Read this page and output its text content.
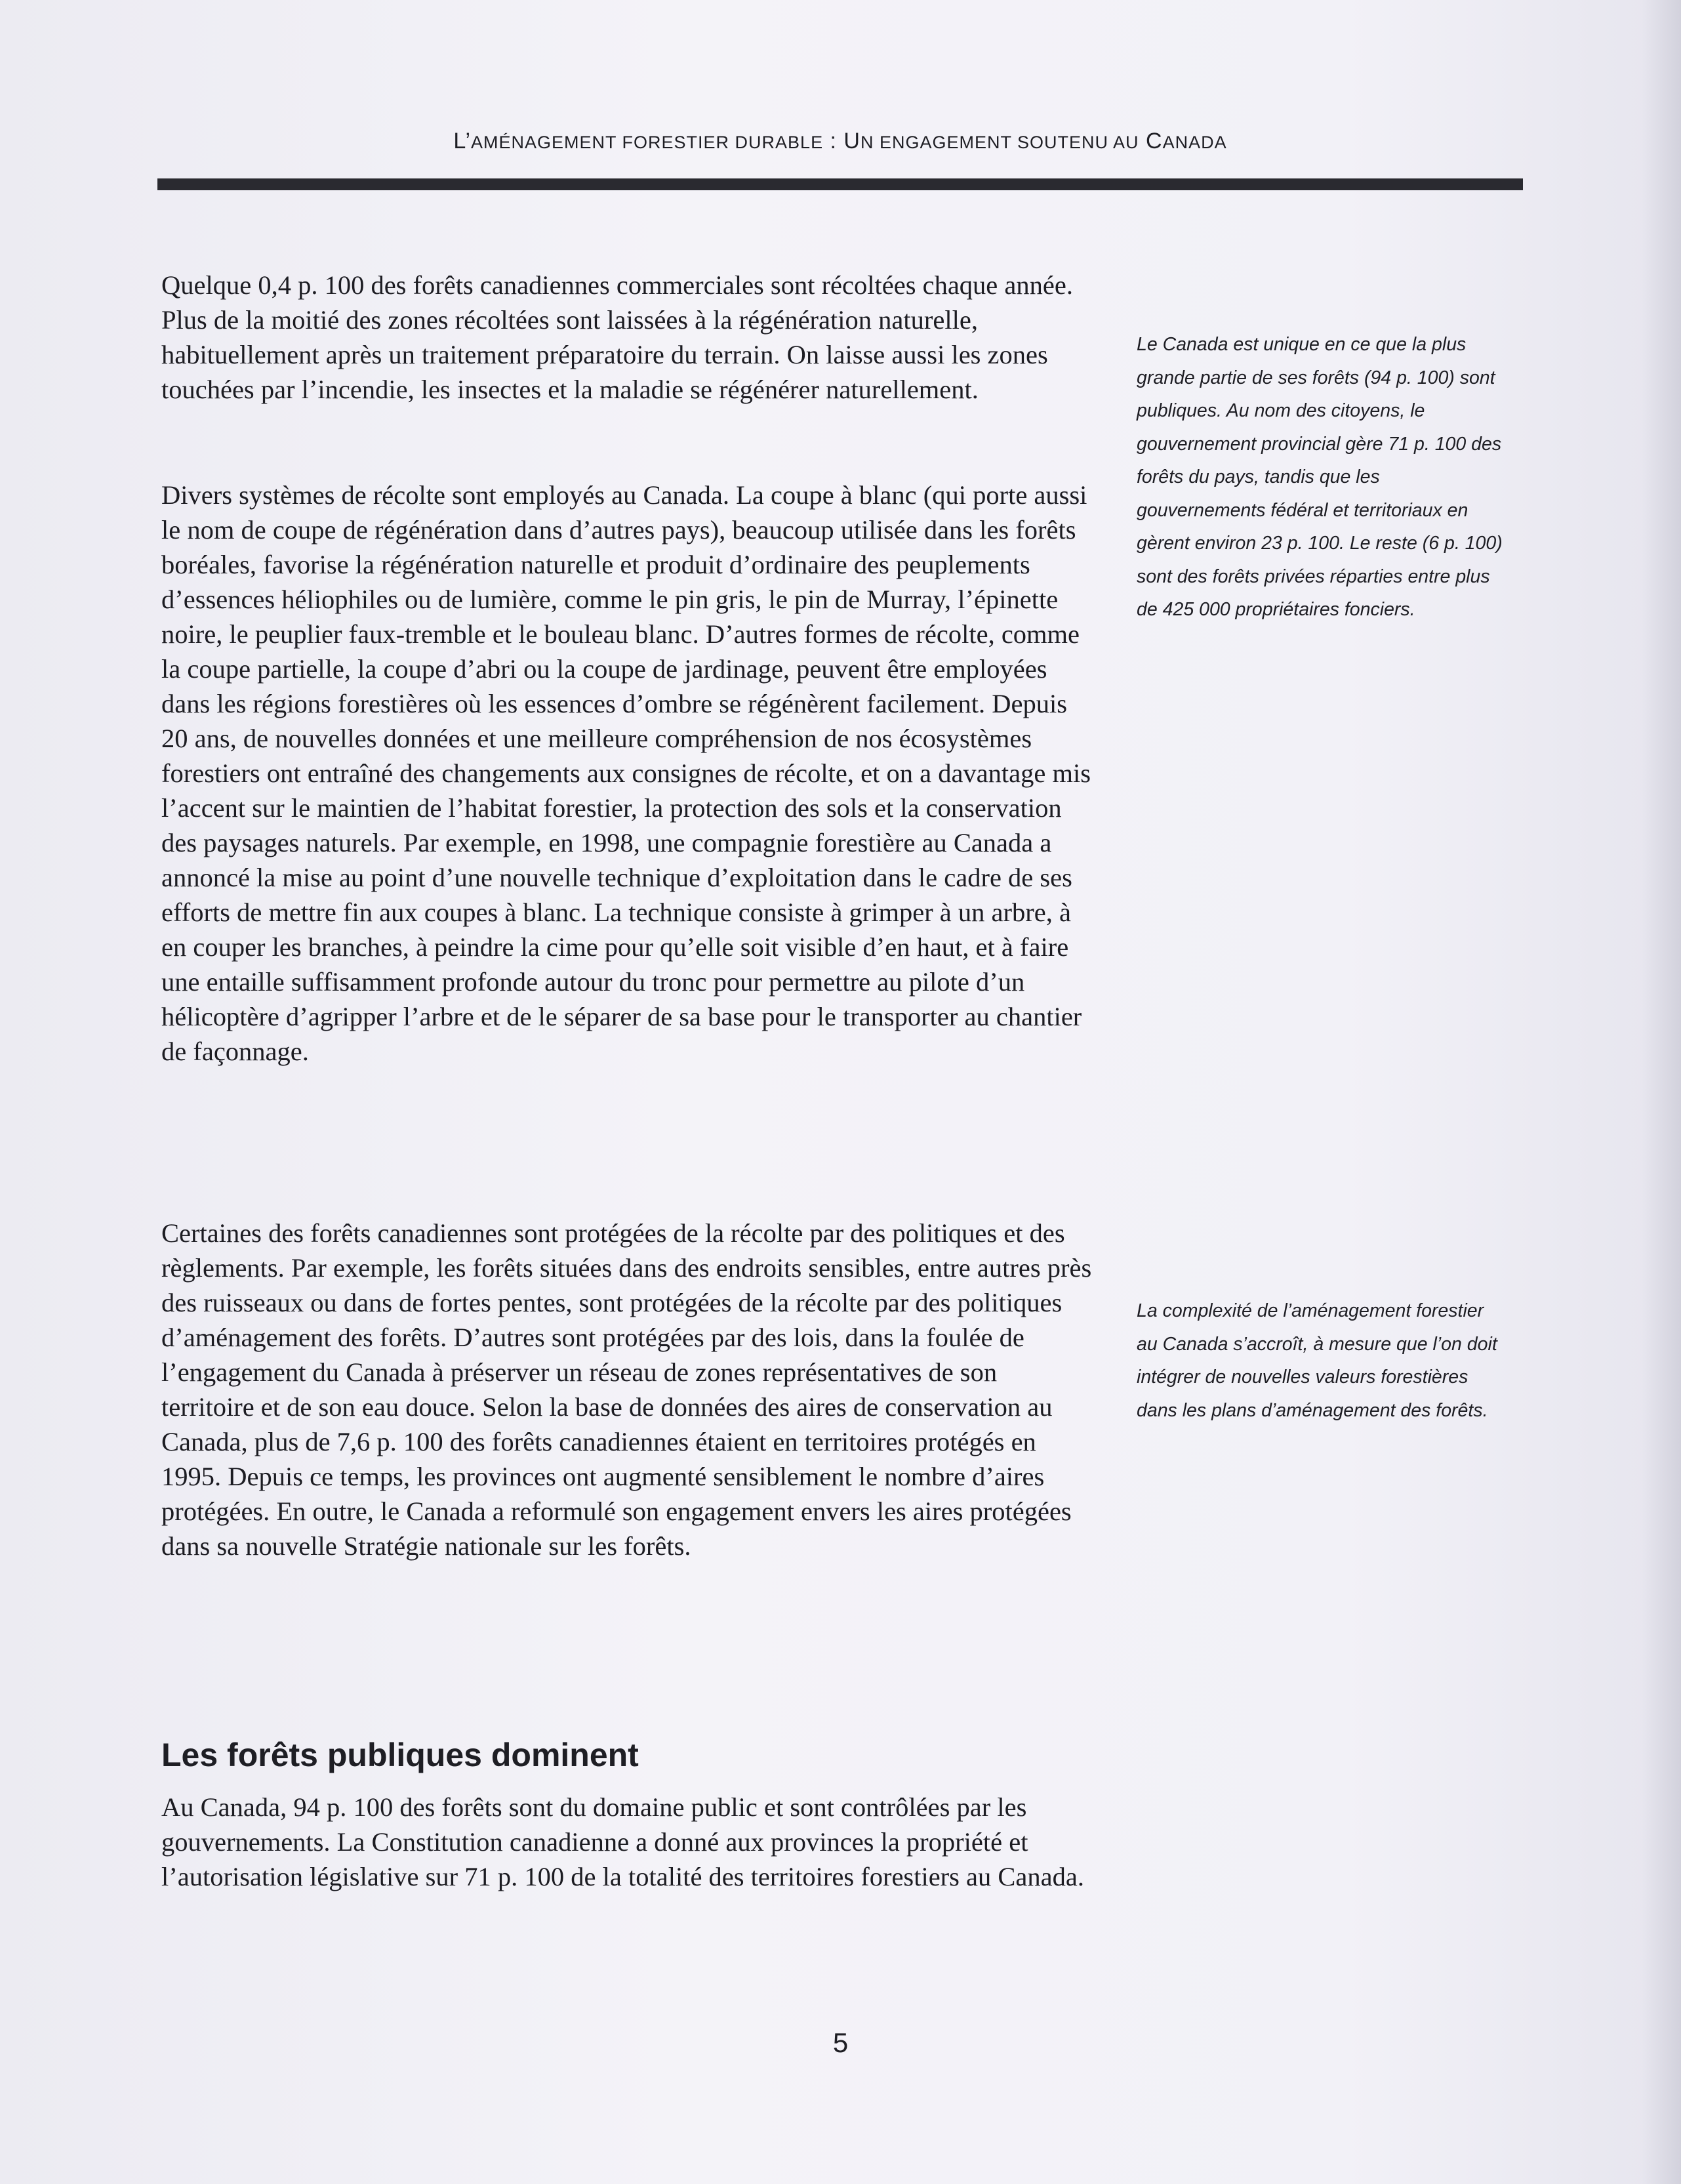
L’AMÉNAGEMENT FORESTIER DURABLE : UN ENGAGEMENT SOUTENU AU CANADA

Quelque 0,4 p. 100 des forêts canadiennes commerciales sont récoltées chaque année. Plus de la moitié des zones récoltées sont laissées à la régénération naturelle, habituellement après un traitement préparatoire du terrain. On laisse aussi les zones touchées par l’incendie, les insectes et la maladie se régénérer naturellement.

Divers systèmes de récolte sont employés au Canada. La coupe à blanc (qui porte aussi le nom de coupe de régénération dans d’autres pays), beaucoup utilisée dans les forêts boréales, favorise la régénération naturelle et produit d’ordinaire des peuplements d’essences héliophiles ou de lumière, comme le pin gris, le pin de Murray, l’épinette noire, le peuplier faux-tremble et le bouleau blanc. D’autres formes de récolte, comme la coupe partielle, la coupe d’abri ou la coupe de jardinage, peuvent être employées dans les régions forestières où les essences d’ombre se régénèrent facilement. Depuis 20 ans, de nouvelles données et une meilleure compréhension de nos écosystèmes forestiers ont entraîné des changements aux consignes de récolte, et on a davantage mis l’accent sur le maintien de l’habitat forestier, la protection des sols et la conservation des paysages naturels. Par exemple, en 1998, une compagnie forestière au Canada a annoncé la mise au point d’une nouvelle technique d’exploitation dans le cadre de ses efforts de mettre fin aux coupes à blanc. La technique consiste à grimper à un arbre, à en couper les branches, à peindre la cime pour qu’elle soit visible d’en haut, et à faire une entaille suffisamment profonde autour du tronc pour permettre au pilote d’un hélicoptère d’agripper l’arbre et de le séparer de sa base pour le transporter au chantier de façonnage.

Certaines des forêts canadiennes sont protégées de la récolte par des politiques et des règlements. Par exemple, les forêts situées dans des endroits sensibles, entre autres près des ruisseaux ou dans de fortes pentes, sont protégées de la récolte par des politiques d’aménagement des forêts. D’autres sont protégées par des lois, dans la foulée de l’engagement du Canada à préserver un réseau de zones représentatives de son territoire et de son eau douce. Selon la base de données des aires de conservation au Canada, plus de 7,6 p. 100 des forêts canadiennes étaient en territoires protégés en 1995. Depuis ce temps, les provinces ont augmenté sensiblement le nombre d’aires protégées. En outre, le Canada a reformulé son engagement envers les aires protégées dans sa nouvelle Stratégie nationale sur les forêts.

Les forêts publiques dominent

Au Canada, 94 p. 100 des forêts sont du domaine public et sont contrôlées par les gouvernements. La Constitution canadienne a donné aux provinces la propriété et l’autorisation législative sur 71 p. 100 de la totalité des territoires forestiers au Canada.

Le Canada est unique en ce que la plus grande partie de ses forêts (94 p. 100) sont publiques. Au nom des citoyens, le gouvernement provincial gère 71 p. 100 des forêts du pays, tandis que les gouvernements fédéral et territoriaux en gèrent environ 23 p. 100. Le reste (6 p. 100) sont des forêts privées réparties entre plus de 425 000 propriétaires fonciers.

La complexité de l’aménagement forestier au Canada s’accroît, à mesure que l’on doit intégrer de nouvelles valeurs forestières dans les plans d’aménagement des forêts.

5
